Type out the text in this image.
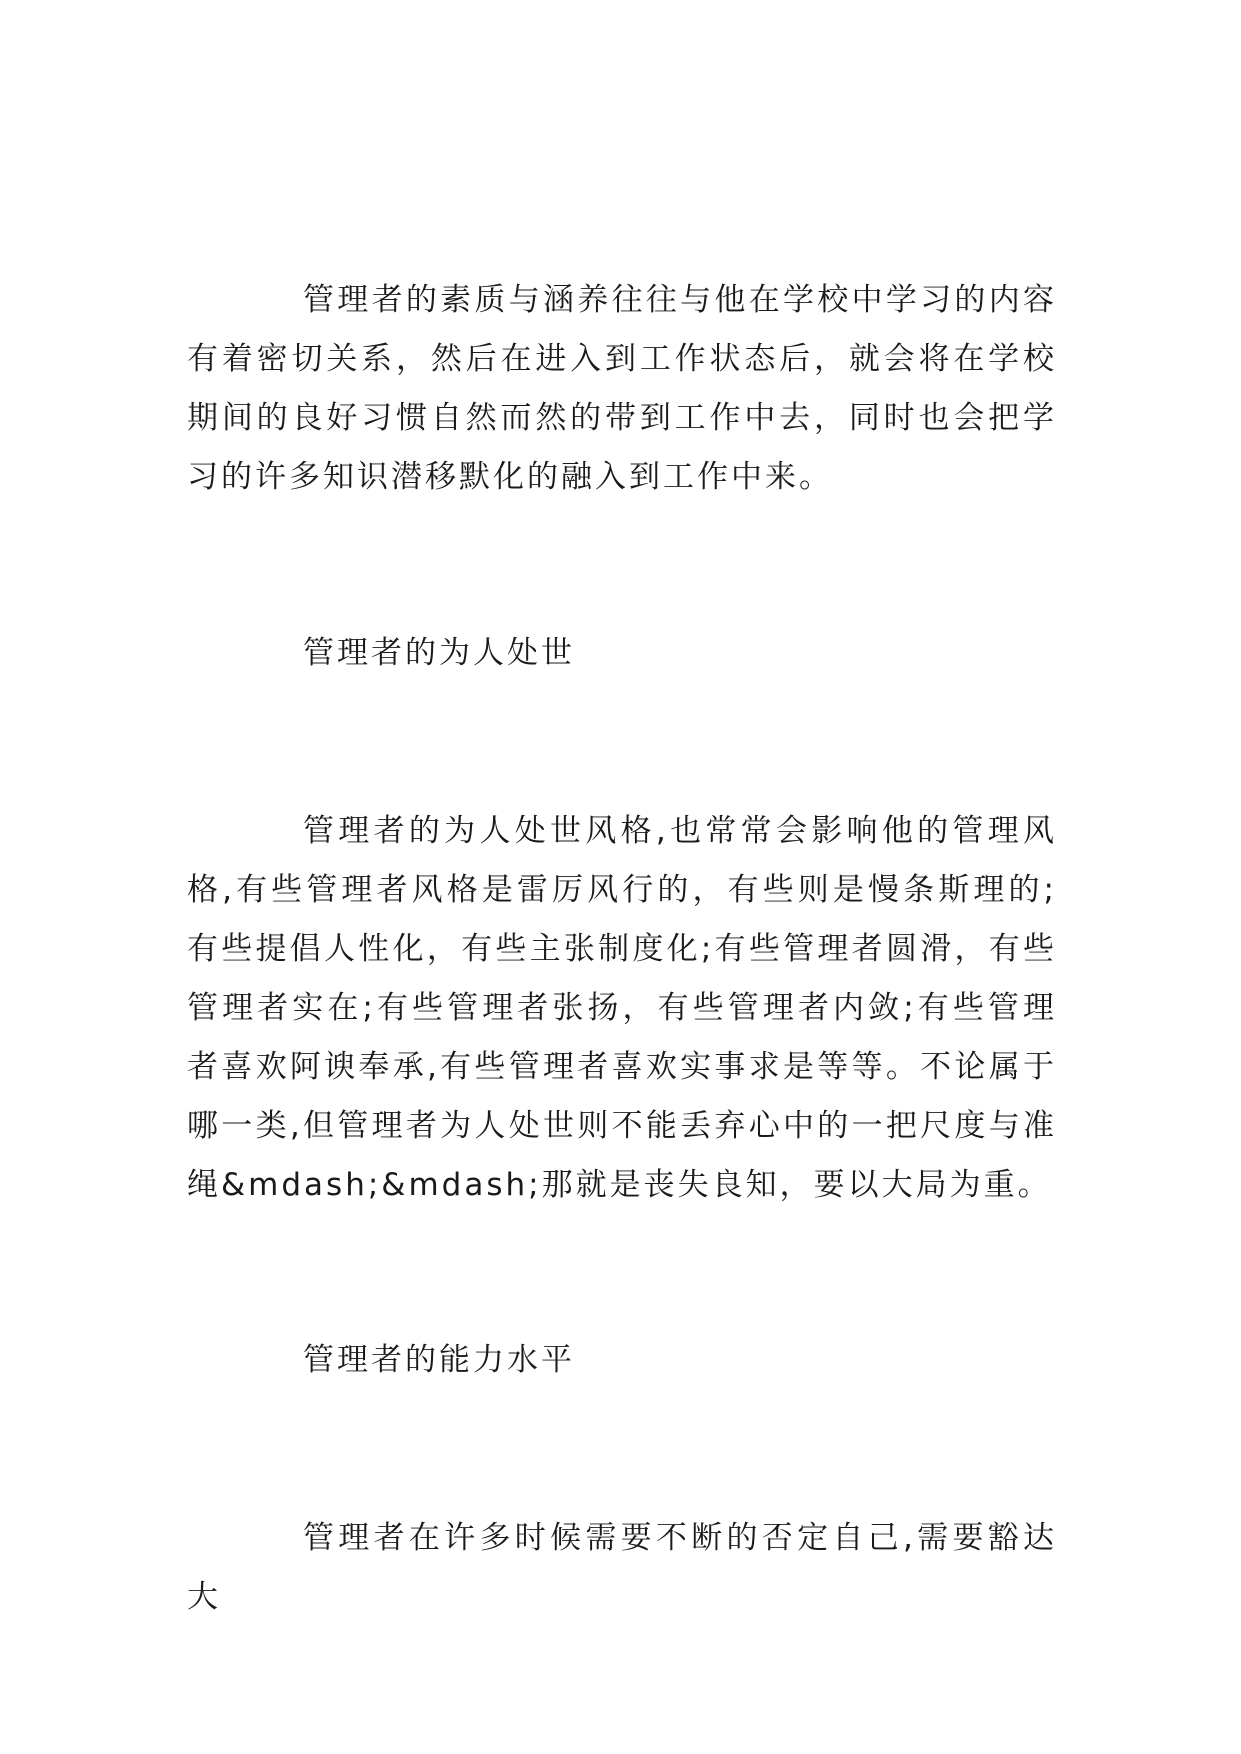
管理者的素质与涵养往往与他在学校中学习的内容有着密切关系，然后在进入到工作状态后，就会将在学校期间的良好习惯自然而然的带到工作中去，同时也会把学习的许多知识潜移默化的融入到工作中来。

管理者的为人处世

管理者的为人处世风格,也常常会影响他的管理风格,有些管理者风格是雷厉风行的，有些则是慢条斯理的;有些提倡人性化，有些主张制度化;有些管理者圆滑，有些管理者实在;有些管理者张扬，有些管理者内敛;有些管理者喜欢阿谀奉承,有些管理者喜欢实事求是等等。不论属于哪一类,但管理者为人处世则不能丢弃心中的一把尺度与准绳&mdash;&mdash;那就是丧失良知，要以大局为重。

管理者的能力水平

管理者在许多时候需要不断的否定自己,需要豁达大
